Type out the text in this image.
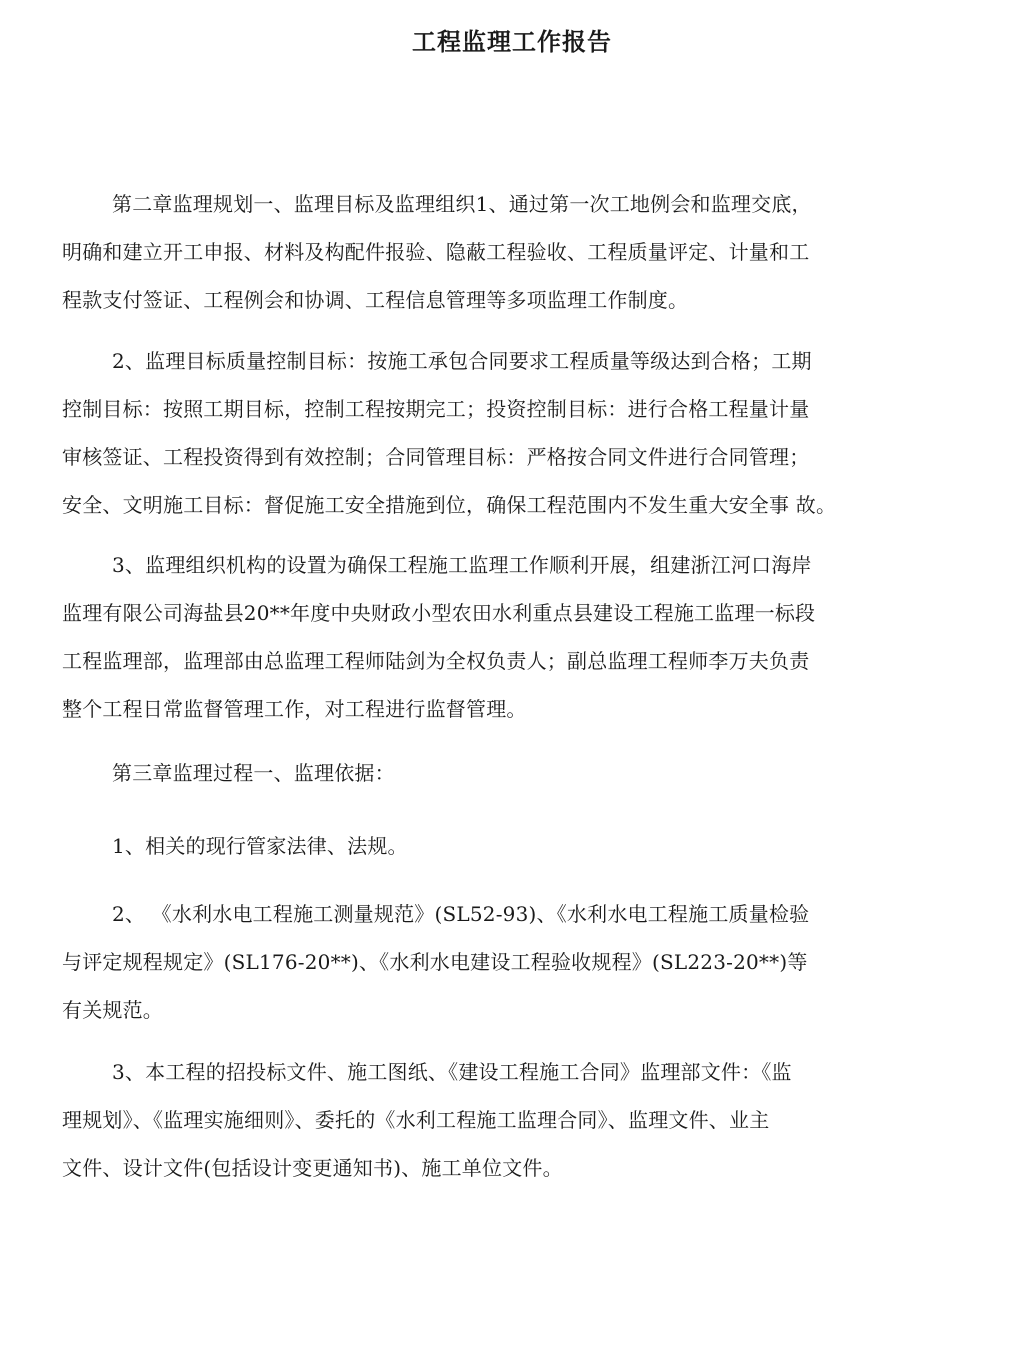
工程监理工作报告
第二章监理规划一、监理目标及监理组织1、通过第一次工地例会和监理交底，
明确和建立开工申报、材料及构配件报验、隐蔽工程验收、工程质量评定、计量和工
程款支付签证、工程例会和协调、工程信息管理等多项监理工作制度。
2、监理目标质量控制目标：按施工承包合同要求工程质量等级达到合格；工期
控制目标：按照工期目标，控制工程按期完工；投资控制目标：进行合格工程量计量
审核签证、工程投资得到有效控制；合同管理目标：严格按合同文件进行合同管理；
安全、文明施工目标：督促施工安全措施到位，确保工程范围内不发生重大安全事 故。
3、监理组织机构的设置为确保工程施工监理工作顺利开展，组建浙江河口海岸
监理有限公司海盐县20**年度中央财政小型农田水利重点县建设工程施工监理一标段
工程监理部，监理部由总监理工程师陆剑为全权负责人；副总监理工程师李万夫负责
整个工程日常监督管理工作，对工程进行监督管理。
第三章监理过程一、监理依据：
1、相关的现行管家法律、法规。
2、 《水利水电工程施工测量规范》(SL52-93)、《水利水电工程施工质量检验
与评定规程规定》(SL176-20**)、《水利水电建设工程验收规程》(SL223-20**)等
有关规范。
3、本工程的招投标文件、施工图纸、《建设工程施工合同》监理部文件：《监
理规划》、《监理实施细则》、委托的《水利工程施工监理合同》、监理文件、业主
文件、设计文件(包括设计变更通知书)、施工单位文件。
